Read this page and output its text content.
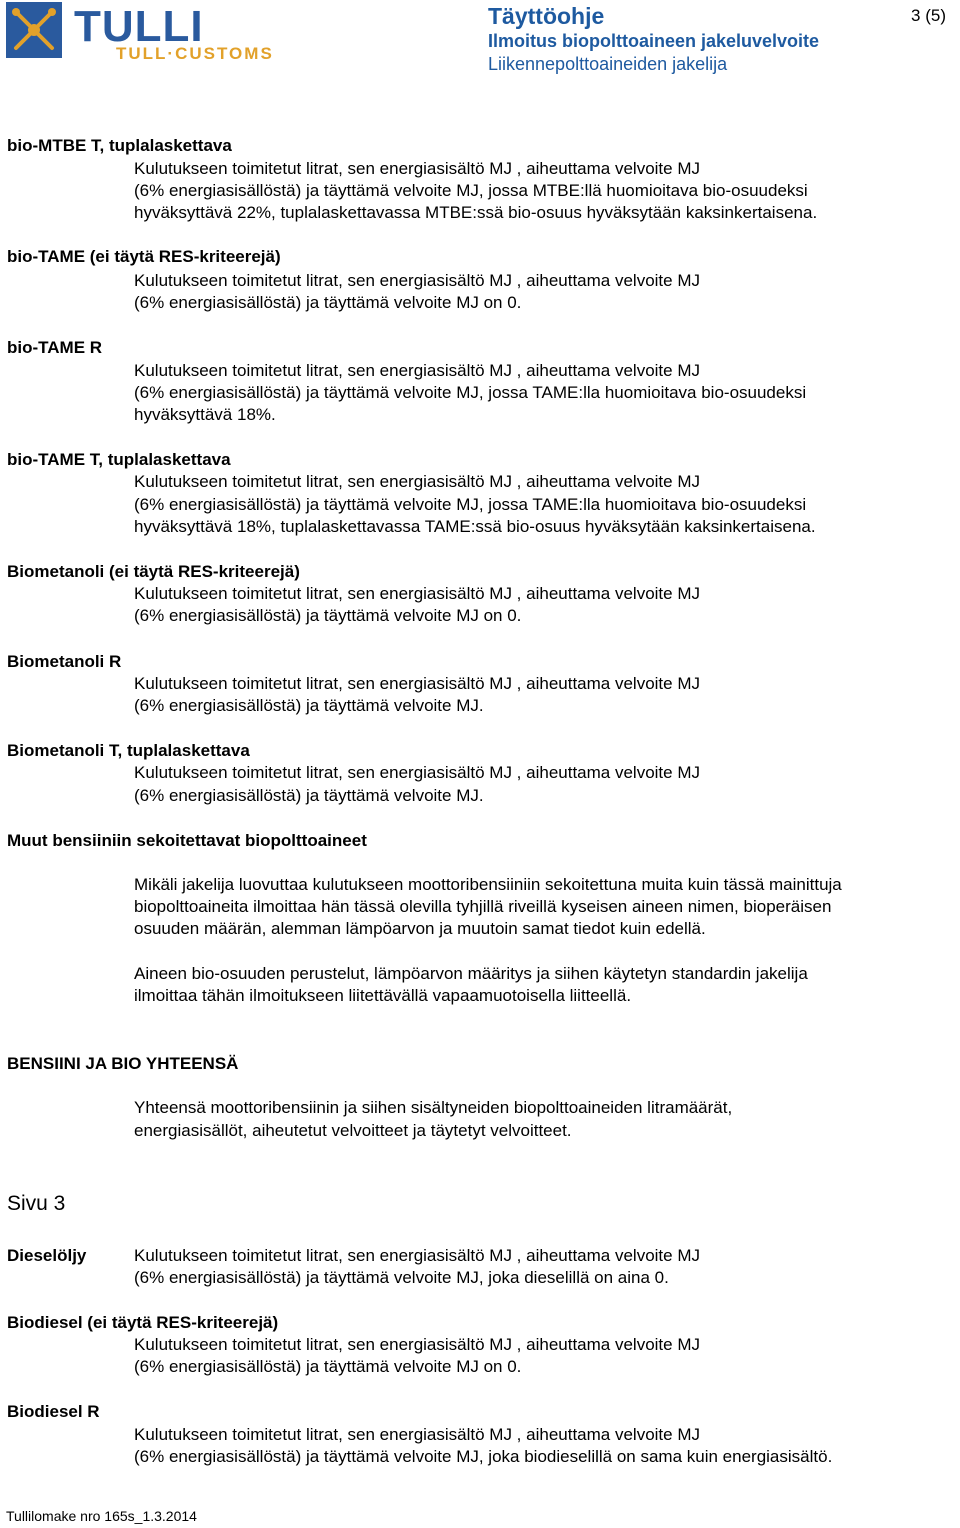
TULLI
TULL·CUSTOMS
Täyttöohje
Ilmoitus biopolttoaineen jakeluvelvoite
Liikennepolttoaineiden jakelija
3 (5)
bio-MTBE T, tuplalaskettava
Kulutukseen toimitetut litrat, sen energiasisältö MJ , aiheuttama velvoite MJ
(6% energiasisällöstä) ja täyttämä velvoite MJ, jossa MTBE:llä huomioitava bio-osuudeksi
hyväksyttävä 22%, tuplalaskettavassa MTBE:ssä bio-osuus hyväksytään kaksinkertaisena.
bio-TAME (ei täytä RES-kriteerejä)
Kulutukseen toimitetut litrat, sen energiasisältö MJ , aiheuttama velvoite MJ
(6% energiasisällöstä) ja täyttämä velvoite MJ on 0.
bio-TAME R
Kulutukseen toimitetut litrat, sen energiasisältö MJ , aiheuttama velvoite MJ
(6% energiasisällöstä) ja täyttämä velvoite MJ, jossa TAME:lla huomioitava bio-osuudeksi
hyväksyttävä 18%.
bio-TAME T, tuplalaskettava
Kulutukseen toimitetut litrat, sen energiasisältö MJ , aiheuttama velvoite MJ
(6% energiasisällöstä) ja täyttämä velvoite MJ, jossa TAME:lla huomioitava bio-osuudeksi
hyväksyttävä 18%, tuplalaskettavassa TAME:ssä bio-osuus hyväksytään kaksinkertaisena.
Biometanoli (ei täytä RES-kriteerejä)
Kulutukseen toimitetut litrat, sen energiasisältö MJ , aiheuttama velvoite MJ
(6% energiasisällöstä) ja täyttämä velvoite MJ on 0.
Biometanoli R
Kulutukseen toimitetut litrat, sen energiasisältö MJ , aiheuttama velvoite MJ
(6% energiasisällöstä) ja täyttämä velvoite MJ.
Biometanoli T, tuplalaskettava
Kulutukseen toimitetut litrat, sen energiasisältö MJ , aiheuttama velvoite MJ
(6% energiasisällöstä) ja täyttämä velvoite MJ.
Muut bensiiniin sekoitettavat biopolttoaineet
Mikäli jakelija luovuttaa kulutukseen moottoribensiiniin sekoitettuna muita kuin tässä mainittuja
biopolttoaineita ilmoittaa hän tässä olevilla tyhjillä riveillä kyseisen aineen nimen, bioperäisen
osuuden määrän, alemman lämpöarvon ja muutoin samat tiedot kuin edellä.
Aineen bio-osuuden perustelut, lämpöarvon määritys ja siihen käytetyn standardin jakelija
ilmoittaa tähän ilmoitukseen liitettävällä vapaamuotoisella liitteellä.
BENSIINI JA BIO YHTEENSÄ
Yhteensä moottoribensiinin ja siihen sisältyneiden biopolttoaineiden litramäärät,
energiasisällöt, aiheutetut velvoitteet ja täytetyt velvoitteet.
Sivu 3
Dieselöljy	Kulutukseen toimitetut litrat, sen energiasisältö MJ , aiheuttama velvoite MJ
(6% energiasisällöstä) ja täyttämä velvoite MJ, joka dieselillä on aina 0.
Biodiesel (ei täytä RES-kriteerejä)
Kulutukseen toimitetut litrat, sen energiasisältö MJ , aiheuttama velvoite MJ
(6% energiasisällöstä) ja täyttämä velvoite MJ on 0.
Biodiesel R
Kulutukseen toimitetut litrat, sen energiasisältö MJ , aiheuttama velvoite MJ
(6% energiasisällöstä) ja täyttämä velvoite MJ, joka biodieselillä on sama kuin energiasisältö.
Tullilomake nro 165s_1.3.2014
